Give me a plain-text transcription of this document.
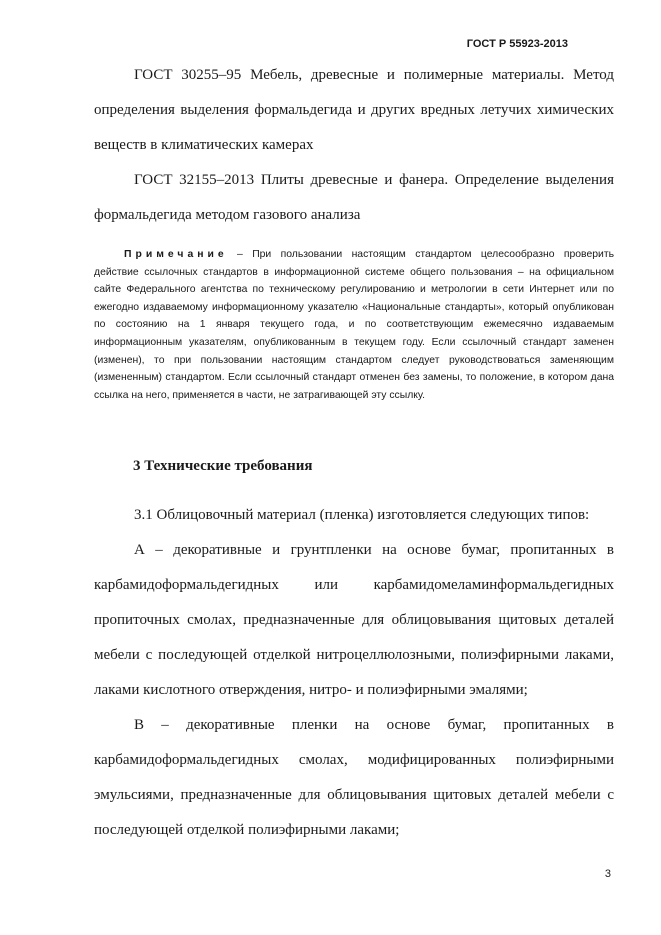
ГОСТ Р 55923-2013

ГОСТ 30255–95 Мебель, древесные и полимерные материалы. Метод определения выделения формальдегида и других вредных летучих химических веществ в климатических камерах

ГОСТ 32155–2013 Плиты древесные и фанера. Определение выделения формальдегида методом газового анализа

Примечание – При пользовании настоящим стандартом целесообразно проверить действие ссылочных стандартов в информационной системе общего пользования – на официальном сайте Федерального агентства по техническому регулированию и метрологии в сети Интернет или по ежегодно издаваемому информационному указателю «Национальные стандарты», который опубликован по состоянию на 1 января текущего года, и по соответствующим ежемесячно издаваемым информационным указателям, опубликованным в текущем году. Если ссылочный стандарт заменен (изменен), то при пользовании настоящим стандартом следует руководствоваться заменяющим (измененным) стандартом. Если ссылочный стандарт отменен без замены, то положение, в котором дана ссылка на него, применяется в части, не затрагивающей эту ссылку.

3 Технические требования

3.1 Облицовочный материал (пленка) изготовляется следующих типов:

А – декоративные и грунтпленки на основе бумаг, пропитанных в карбамидоформальдегидных или карбамидомеламинформальдегидных пропиточных смолах, предназначенные для облицовывания щитовых деталей мебели с последующей отделкой нитроцеллюлозными, полиэфирными лаками, лаками кислотного отверждения, нитро- и полиэфирными эмалями;

В – декоративные пленки на основе бумаг, пропитанных в карбамидоформальдегидных смолах, модифицированных полиэфирными эмульсиями, предназначенные для облицовывания щитовых деталей мебели с последующей отделкой полиэфирными лаками;

3
